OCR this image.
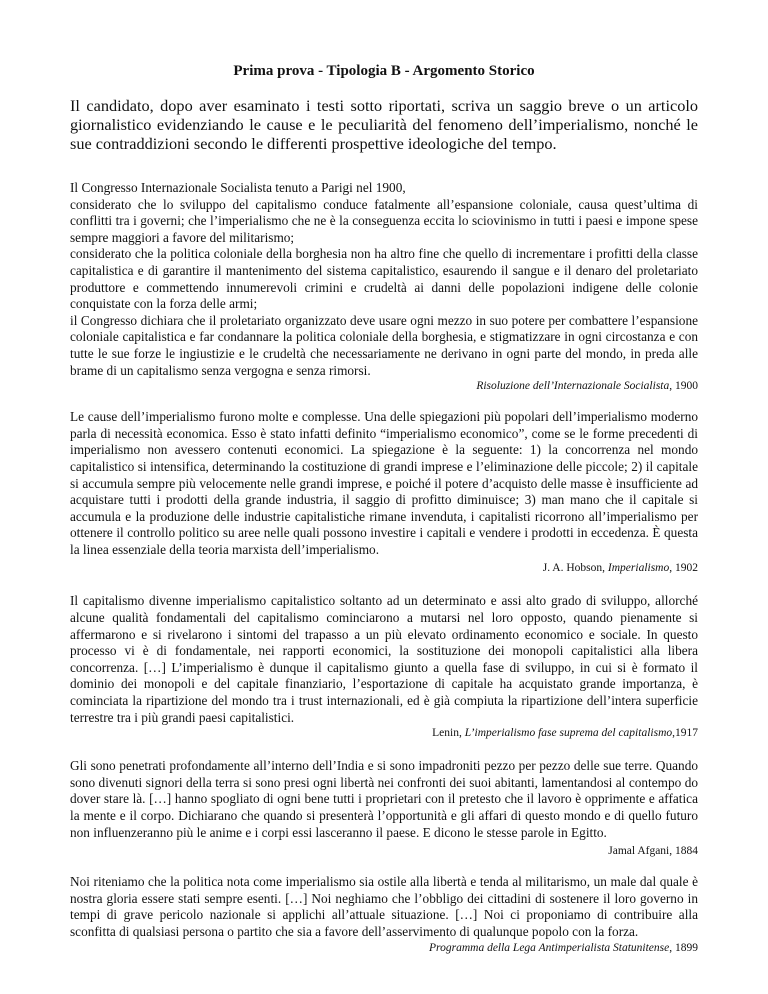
Prima prova - Tipologia B - Argomento Storico
Il candidato, dopo aver esaminato i testi sotto riportati, scriva un saggio breve o un articolo giornalistico evidenziando le cause e le peculiarità del fenomeno dell’imperialismo, nonché le sue contraddizioni secondo le differenti prospettive ideologiche del tempo.

Il Congresso Internazionale Socialista tenuto a Parigi nel 1900,

considerato che lo sviluppo del capitalismo conduce fatalmente all’espansione coloniale, causa quest’ultima di conflitti tra i governi; che l’imperialismo che ne è la conseguenza eccita lo sciovinismo in tutti i paesi e impone spese sempre maggiori a favore del militarismo;

considerato che la politica coloniale della borghesia non ha altro fine che quello di incrementare i profitti della classe capitalistica e di garantire il mantenimento del sistema capitalistico, esaurendo il sangue e il denaro del proletariato produttore e commettendo innumerevoli crimini e crudeltà ai danni delle popolazioni indigene delle colonie conquistate con la forza delle armi;

il Congresso dichiara che il proletariato organizzato deve usare ogni mezzo in suo potere per combattere l’espansione coloniale capitalistica e far condannare la politica coloniale della borghesia, e stigmatizzare in ogni circostanza e con tutte le sue forze le ingiustizie e le crudeltà che necessariamente ne derivano in ogni parte del mondo, in preda alle brame di un capitalismo senza vergogna e senza rimorsi.

Risoluzione dell’Internazionale Socialista, 1900

Le cause dell’imperialismo furono molte e complesse. Una delle spiegazioni più popolari dell’imperialismo moderno parla di necessità economica. Esso è stato infatti definito “imperialismo economico”, come se le forme precedenti di imperialismo non avessero contenuti economici. La spiegazione è la seguente: 1) la concorrenza nel mondo capitalistico si intensifica, determinando la costituzione di grandi imprese e l’eliminazione delle piccole; 2) il capitale si accumula sempre più velocemente nelle grandi imprese, e poiché il potere d’acquisto delle masse è insufficiente ad acquistare tutti i prodotti della grande industria, il saggio di profitto diminuisce; 3) man mano che il capitale si accumula e la produzione delle industrie capitalistiche rimane invenduta, i capitalisti ricorrono all’imperialismo per ottenere il controllo politico su aree nelle quali possono investire i capitali e vendere i prodotti in eccedenza. È questa la linea essenziale della teoria marxista dell’imperialismo.

J. A. Hobson, Imperialismo, 1902

Il capitalismo divenne imperialismo capitalistico soltanto ad un determinato e assi alto grado di sviluppo, allorché alcune qualità fondamentali del capitalismo cominciarono a mutarsi nel loro opposto, quando pienamente si affermarono e si rivelarono i sintomi del trapasso a un più elevato ordinamento economico e sociale. In questo processo vi è di fondamentale, nei rapporti economici, la sostituzione dei monopoli capitalistici alla libera concorrenza. […] L’imperialismo è dunque il capitalismo giunto a quella fase di sviluppo, in cui si è formato il dominio dei monopoli e del capitale finanziario, l’esportazione di capitale ha acquistato grande importanza, è cominciata la ripartizione del mondo tra i trust internazionali, ed è già compiuta la ripartizione dell’intera superficie terrestre tra i più grandi paesi capitalistici.

Lenin, L’imperialismo fase suprema del capitalismo,1917

Gli sono penetrati profondamente all’interno dell’India e si sono impadroniti pezzo per pezzo delle sue terre. Quando sono divenuti signori della terra si sono presi ogni libertà nei confronti dei suoi abitanti, lamentandosi al contempo do dover stare là. […] hanno spogliato di ogni bene tutti i proprietari con il pretesto che il lavoro è opprimente e affatica la mente e il corpo. Dichiarano che quando si presenterà l’opportunità e gli affari di questo mondo e di quello futuro non influenzeranno più le anime e i corpi essi lasceranno il paese. E dicono le stesse parole in Egitto.

Jamal Afgani, 1884

Noi riteniamo che la politica nota come imperialismo sia ostile alla libertà e tenda al militarismo, un male dal quale è nostra gloria essere stati sempre esenti. […] Noi neghiamo che l’obbligo dei cittadini di sostenere il loro governo in tempi di grave pericolo nazionale si applichi all’attuale situazione. […] Noi ci proponiamo di contribuire alla sconfitta di qualsiasi persona o partito che sia a favore dell’asservimento di qualunque popolo con la forza.

Programma della Lega Antimperialista Statunitense, 1899
